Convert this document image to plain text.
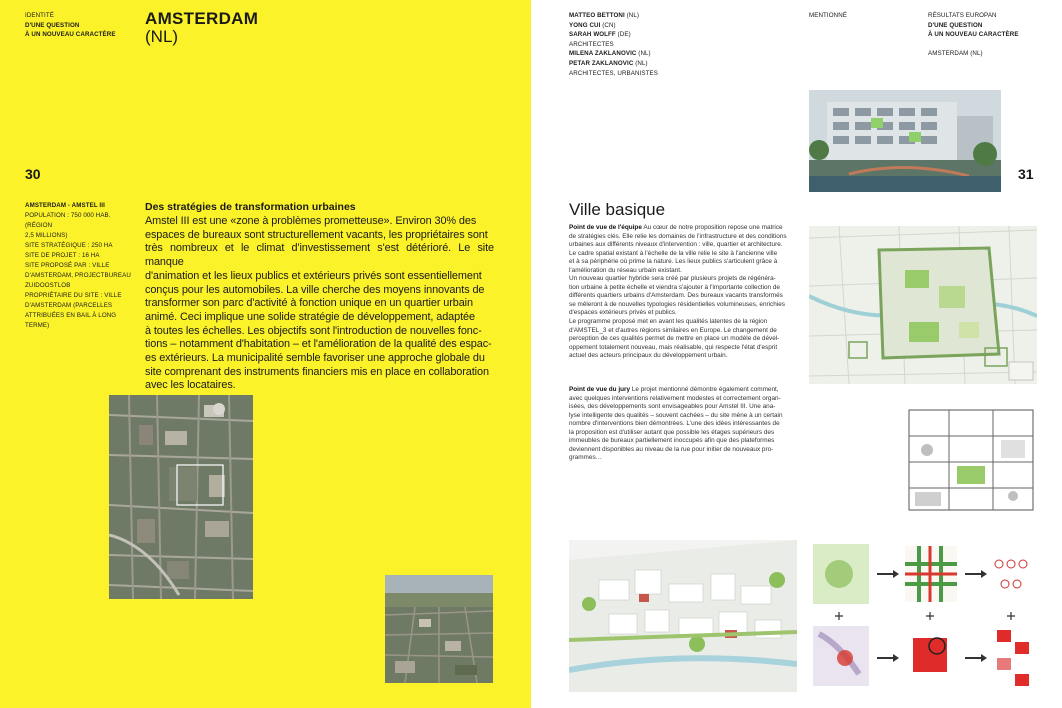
IDENTITÉ
D'UNE QUESTION
À UN NOUVEAU CARACTÈRE
AMSTERDAM
(NL)
30
AMSTERDAM - AMSTEL III
POPULATION : 750 000 HAB. (RÉGION
2,5 MILLIONS)
SITE STRATÉGIQUE : 250 HA
SITE DE PROJET : 16 HA
SITE PROPOSÉ PAR : VILLE
D'AMSTERDAM, PROJECTBUREAU
ZUIDOOSTLOB
PROPRIÉTAIRE DU SITE : VILLE
D'AMSTERDAM (PARCELLES
ATTRIBUÉES EN BAIL À LONG TERME)
Des stratégies de transformation urbaines
Amstel III est une «zone à problèmes prometteuse». Environ 30% des
espaces de bureaux sont structurellement vacants, les propriétaires sont
très nombreux et le climat d'investissement s'est détérioré. Le site manque
d'animation et les lieux publics et extérieurs privés sont essentiellement
conçus pour les automobiles. La ville cherche des moyens innovants de
transformer son parc d'activité à fonction unique en un quartier urbain
animé. Ceci implique une solide stratégie de développement, adaptée
à toutes les échelles. Les objectifs sont l'introduction de nouvelles fonc-
tions – notamment d'habitation – et l'amélioration de la qualité des espac-
es extérieurs. La municipalité semble favoriser une approche globale du
site comprenant des instruments financiers mis en place en collaboration
avec les locataires.
MATTEO BETTONI (NL)
YONG CUI (CN)
SARAH WOLFF (DE)
ARCHITECTES
MILENA ZAKLANOVIC (NL)
PETAR ZAKLANOVIC (NL)
ARCHITECTES, URBANISTES
MENTIONNÉ	RÉSULTATS EUROPAN
D'UNE QUESTION
À UN NOUVEAU CARACTÈRE
AMSTERDAM (NL)
31
Ville basique
Point de vue de l'équipe Au cœur de notre proposition repose une matrice
de stratégies clés. Elle relie les domaines de l'infrastructure et des conditions
urbaines aux différents niveaux d'intervention : ville, quartier et architecture.
Le cadre spatial existant à l'échelle de la ville relie le site à l'ancienne ville
et à sa périphérie où prime la nature. Les lieux publics s'articulent grâce à
l'amélioration du réseau urbain existant.
Un nouveau quartier hybride sera créé par plusieurs projets de régénéra-
tion urbaine à petite échelle et viendra s'ajouter à l'importante collection de
différents quartiers urbains d'Amsterdam. Des bureaux vacants transformés
se mêleront à de nouvelles typologies résidentielles volumineuses, enrichies
d'espaces extérieurs privés et publics.
Le programme proposé met en avant les qualités latentes de la région
d'AMSTEL_3 et d'autres régions similaires en Europe. Le changement de
perception de ces qualités permet de mettre en place un modèle de dével-
oppement totalement nouveau, mais réalisable, qui respecte l'état d'esprit
actuel des acteurs principaux du développement urbain.
Point de vue du jury Le projet mentionné démontre également comment,
avec quelques interventions relativement modestes et correctement organ-
isées, des développements sont envisageables pour Amstel III. Une ana-
lyse intelligente des qualités – souvent cachées – du site mène à un certain
nombre d'interventions bien démontrées. L'une des idées intéressantes de
la proposition est d'utiliser autant que possible les étages supérieurs des
immeubles de bureaux partiellement inoccupés afin que des plateformes
deviennent disponibles au niveau de la rue pour initier de nouveaux pro-
grammes…
